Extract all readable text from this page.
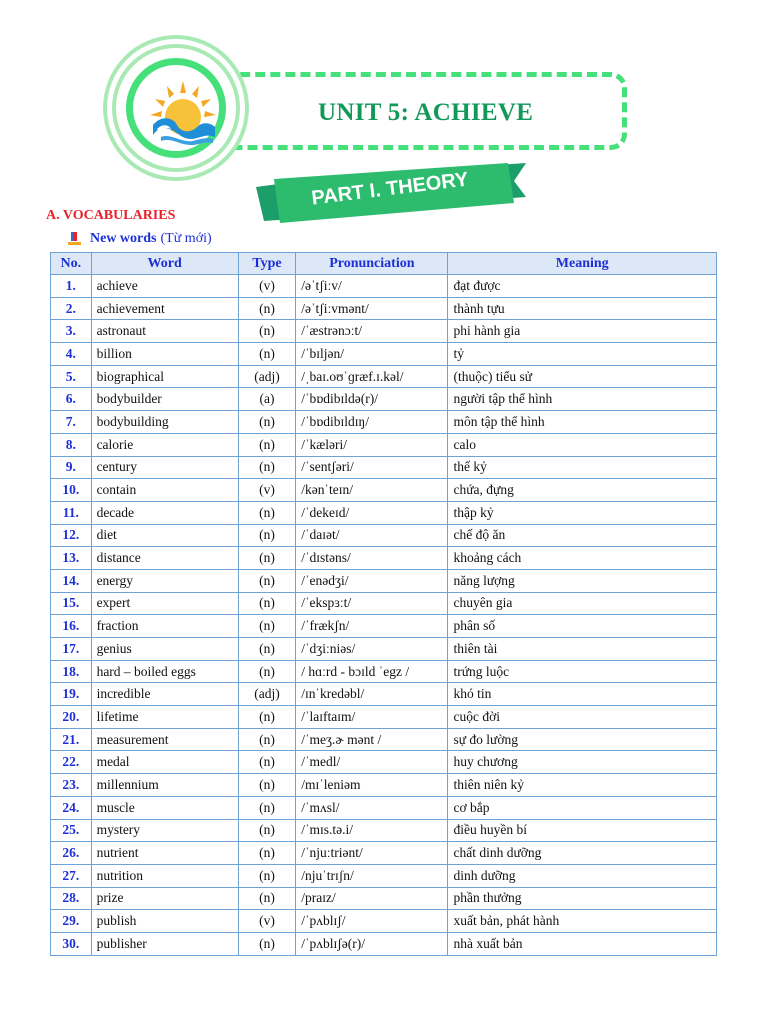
UNIT 5: ACHIEVE
PART I. THEORY
A. VOCABULARIES
New words (Từ mới)
No.	Word	Type	Pronunciation	Meaning
1.	achieve	(v)	/əˈtʃiːv/	đạt được
2.	achievement	(n)	/əˈtʃiːvmənt/	thành tựu
3.	astronaut	(n)	/ˈæstrənɔːt/	phi hành gia
4.	billion	(n)	/ˈbɪljən/	tỷ
5.	biographical	(adj)	/ˌbaɪ.oʊˈɡræf.ɪ.kəl/	(thuộc) tiểu sử
6.	bodybuilder	(a)	/ˈbɒdibɪldə(r)/	người tập thể hình
7.	bodybuilding	(n)	/ˈbɒdibɪldɪŋ/	môn tập thể hình
8.	calorie	(n)	/ˈkæləri/	calo
9.	century	(n)	/ˈsentʃəri/	thế kỷ
10.	contain	(v)	/kənˈteɪn/	chứa, đựng
11.	decade	(n)	/ˈdekeɪd/	thập kỷ
12.	diet	(n)	/ˈdaɪət/	chế độ ăn
13.	distance	(n)	/ˈdɪstəns/	khoảng cách
14.	energy	(n)	/ˈenədʒi/	năng lượng
15.	expert	(n)	/ˈekspɜːt/	chuyên gia
16.	fraction	(n)	/ˈfrækʃn/	phân số
17.	genius	(n)	/ˈdʒiːniəs/	thiên tài
18.	hard – boiled eggs	(n)	/ hɑːrd - bɔɪld ˈegz /	trứng luộc
19.	incredible	(adj)	/ɪnˈkredəbl/	khó tin
20.	lifetime	(n)	/ˈlaɪftaɪm/	cuộc đời
21.	measurement	(n)	/ˈmeʒ.ɚ mənt /	sự đo lường
22.	medal	(n)	/ˈmedl/	huy chương
23.	millennium	(n)	/mɪˈleniəm	thiên niên kỷ
24.	muscle	(n)	/ˈmʌsl/	cơ bắp
25.	mystery	(n)	/ˈmɪs.tə.i/	điều huyền bí
26.	nutrient	(n)	/ˈnjuːtriənt/	chất dinh dưỡng
27.	nutrition	(n)	/njuˈtrɪʃn/	dinh dưỡng
28.	prize	(n)	/praɪz/	phần thưởng
29.	publish	(v)	/ˈpʌblɪʃ/	xuất bản, phát hành
30.	publisher	(n)	/ˈpʌblɪʃə(r)/	nhà xuất bản
